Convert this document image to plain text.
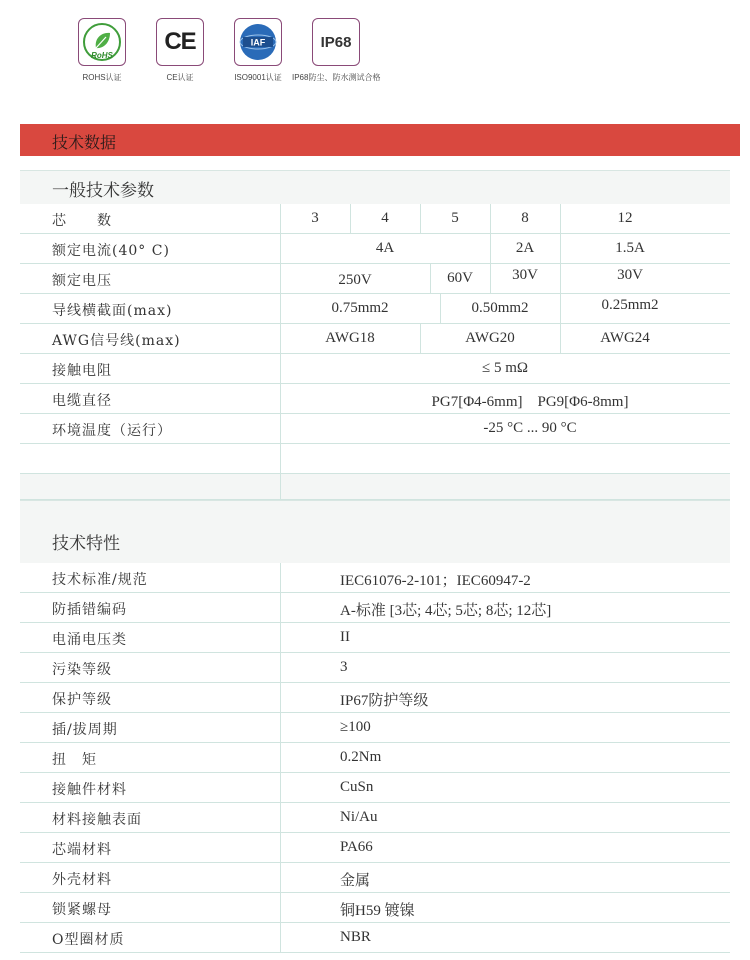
RoHS
ROHS认证
CE
CE认证
IAF
ISO9001认证
IP68
IP68防尘、防水测试合格
技术数据
一般技术参数
芯　　数	3	4	5	8	12
额定电流(40° C)	4A	2A	1.5A
额定电压	250V	60V	30V	30V
导线横截面(max)	0.75mm2	0.50mm2	0.25mm2
AWG信号线(max)	AWG18	AWG20	AWG24
接触电阻	≤ 5 mΩ
电缆直径	PG7[Φ4-6mm]　PG9[Φ6-8mm]
环境温度（运行）	-25 °C ... 90 °C
技术特性
技术标准/规范	IEC61076-2-101；IEC60947-2
防插错编码	A-标准 [3芯; 4芯; 5芯; 8芯; 12芯]
电涌电压类	II
污染等级	3
保护等级	IP67防护等级
插/拔周期	≥100
扭　矩	0.2Nm
接触件材料	CuSn
材料接触表面	Ni/Au
芯端材料	PA66
外壳材料	金属
锁紧螺母	铜H59 镀镍
O型圈材质	NBR
